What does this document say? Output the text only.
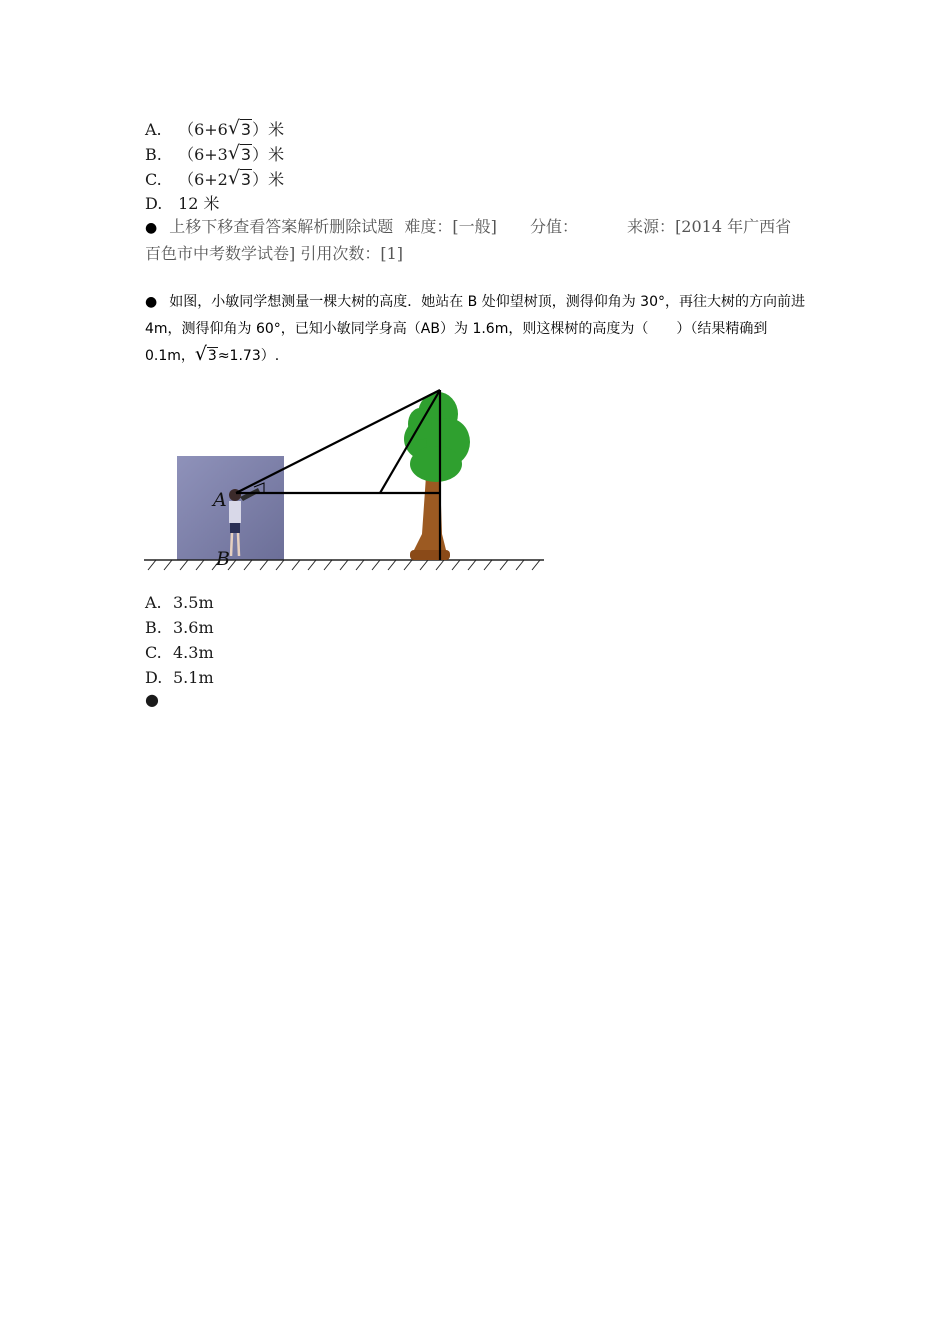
A. （6+6 √ 3）米
B. （6+3 √ 3）米
C. （6+2 √ 3）米
D. 12 米
● 上移下移查看答案解析删除试题 难度：[一般] 分值：	来源：[2014 年广西省百色市中考数学试卷] 引用次数：[1]
● 如图，小敏同学想测量一棵大树的高度．她站在 B 处仰望树顶，测得仰角为 30°，再往大树的方向前进 4m，测得仰角为 60°，已知小敏同学身高（AB）为 1.6m，则这棵树的高度为（　　）（结果精确到 0.1m， √ 3≈1.73）.
A
B
A. 3.5m
B. 3.6m
C. 4.3m
D. 5.1m
●
